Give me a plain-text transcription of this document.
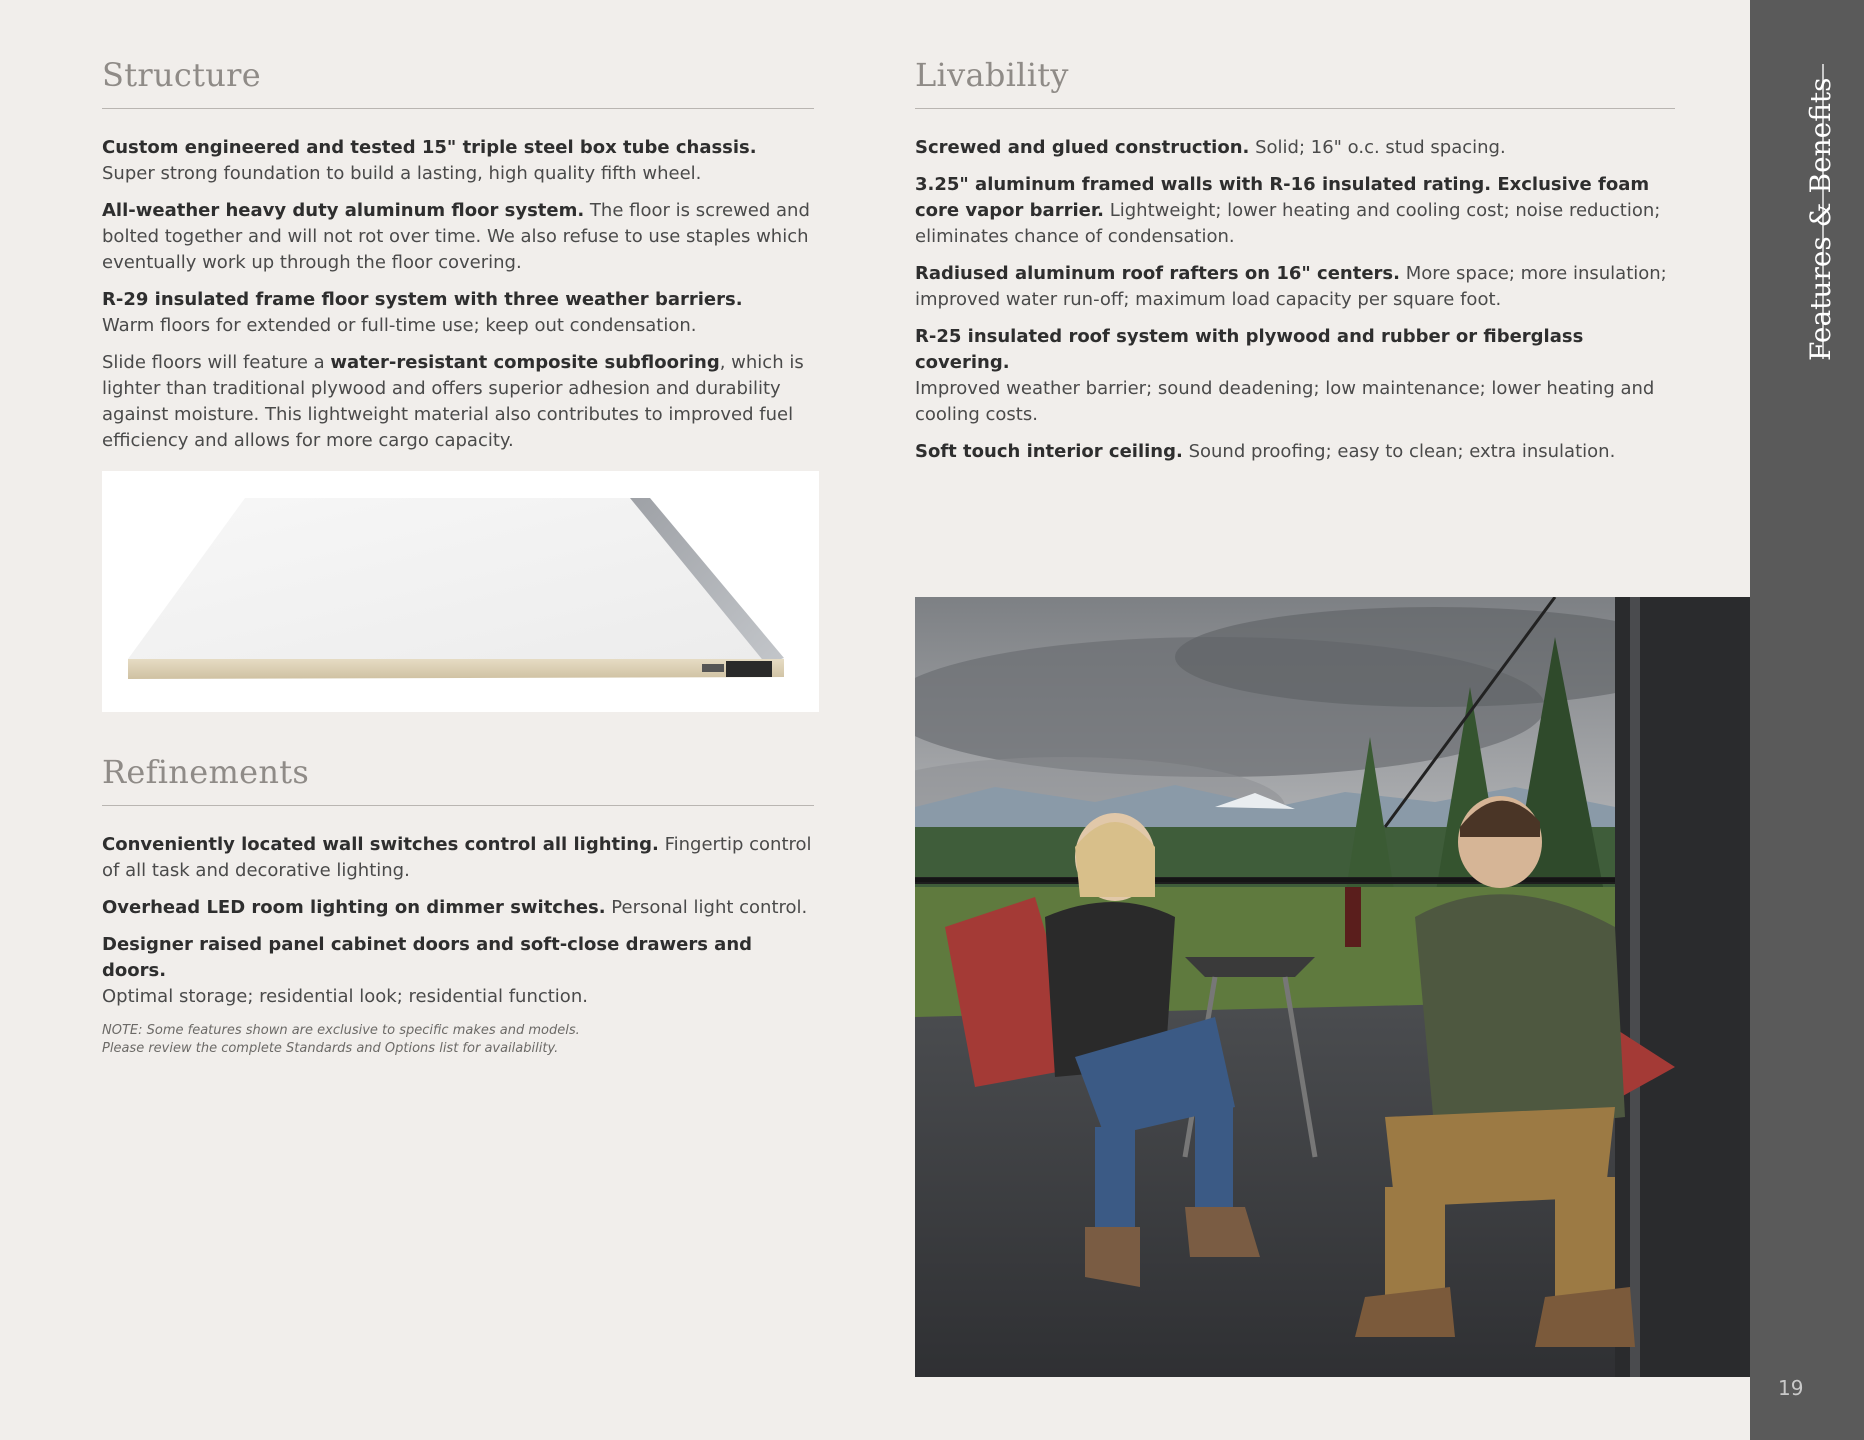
Structure

Custom engineered and tested 15" triple steel box tube chassis. Super strong foundation to build a lasting, high quality fifth wheel.

All-weather heavy duty aluminum floor system. The floor is screwed and bolted together and will not rot over time. We also refuse to use staples which eventually work up through the floor covering.

R-29 insulated frame floor system with three weather barriers.
Warm floors for extended or full-time use; keep out condensation.

Slide floors will feature a water-resistant composite subflooring, which is lighter than traditional plywood and offers superior adhesion and durability against moisture. This lightweight material also contributes to improved fuel efficiency and allows for more cargo capacity.

Refinements

Conveniently located wall switches control all lighting. Fingertip control of all task and decorative lighting.

Overhead LED room lighting on dimmer switches. Personal light control.

Designer raised panel cabinet doors and soft-close drawers and doors.
Optimal storage; residential look; residential function.

NOTE: Some features shown are exclusive to specific makes and models.
Please review the complete Standards and Options list for availability.
Livability

Screwed and glued construction. Solid; 16" o.c. stud spacing.

3.25" aluminum framed walls with R-16 insulated rating. Exclusive foam core vapor barrier. Lightweight; lower heating and cooling cost; noise reduction; eliminates chance of condensation.

Radiused aluminum roof rafters on 16" centers. More space; more insulation; improved water run-off; maximum load capacity per square foot.

R-25 insulated roof system with plywood and rubber or fiberglass covering.
Improved weather barrier; sound deadening; low maintenance; lower heating and cooling costs.

Soft touch interior ceiling. Sound proofing; easy to clean; extra insulation.

Features & Benefits
19
